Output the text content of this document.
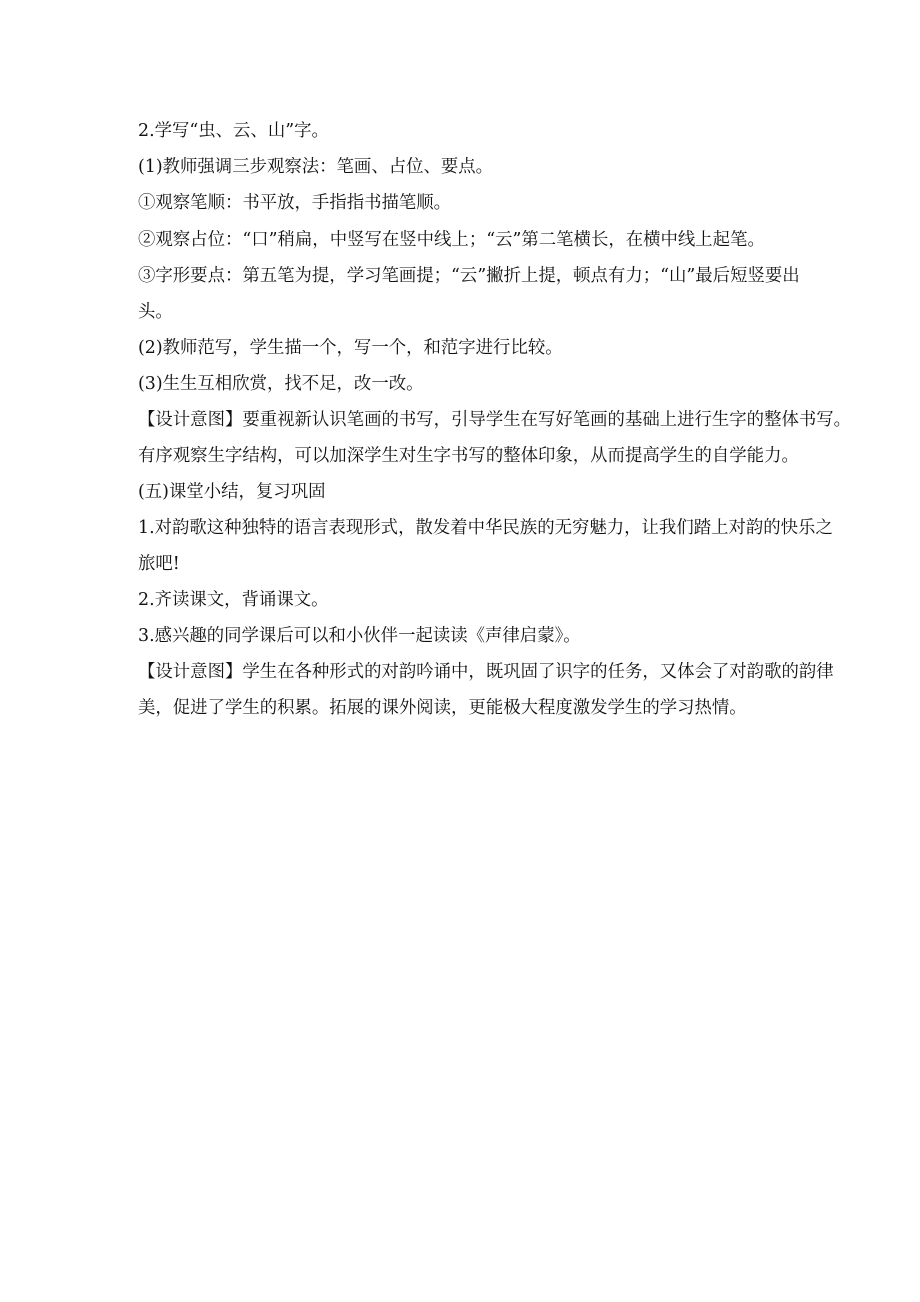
2.学写“虫、云、山”字。
(1)教师强调三步观察法：笔画、占位、要点。
①观察笔顺：书平放，手指指书描笔顺。
②观察占位：“口”稍扁，中竖写在竖中线上；“云”第二笔横长，在横中线上起笔。
③字形要点：第五笔为提，学习笔画提；“云”撇折上提，顿点有力；“山”最后短竖要出
头。
(2)教师范写，学生描一个，写一个，和范字进行比较。
(3)生生互相欣赏，找不足，改一改。
【设计意图】要重视新认识笔画的书写，引导学生在写好笔画的基础上进行生字的整体书写。
有序观察生字结构，可以加深学生对生字书写的整体印象，从而提高学生的自学能力。
(五)课堂小结，复习巩固
1.对韵歌这种独特的语言表现形式，散发着中华民族的无穷魅力，让我们踏上对韵的快乐之
旅吧!
2.齐读课文，背诵课文。
3.感兴趣的同学课后可以和小伙伴一起读读《声律启蒙》。
【设计意图】学生在各种形式的对韵吟诵中，既巩固了识字的任务，又体会了对韵歌的韵律
美，促进了学生的积累。拓展的课外阅读，更能极大程度激发学生的学习热情。
